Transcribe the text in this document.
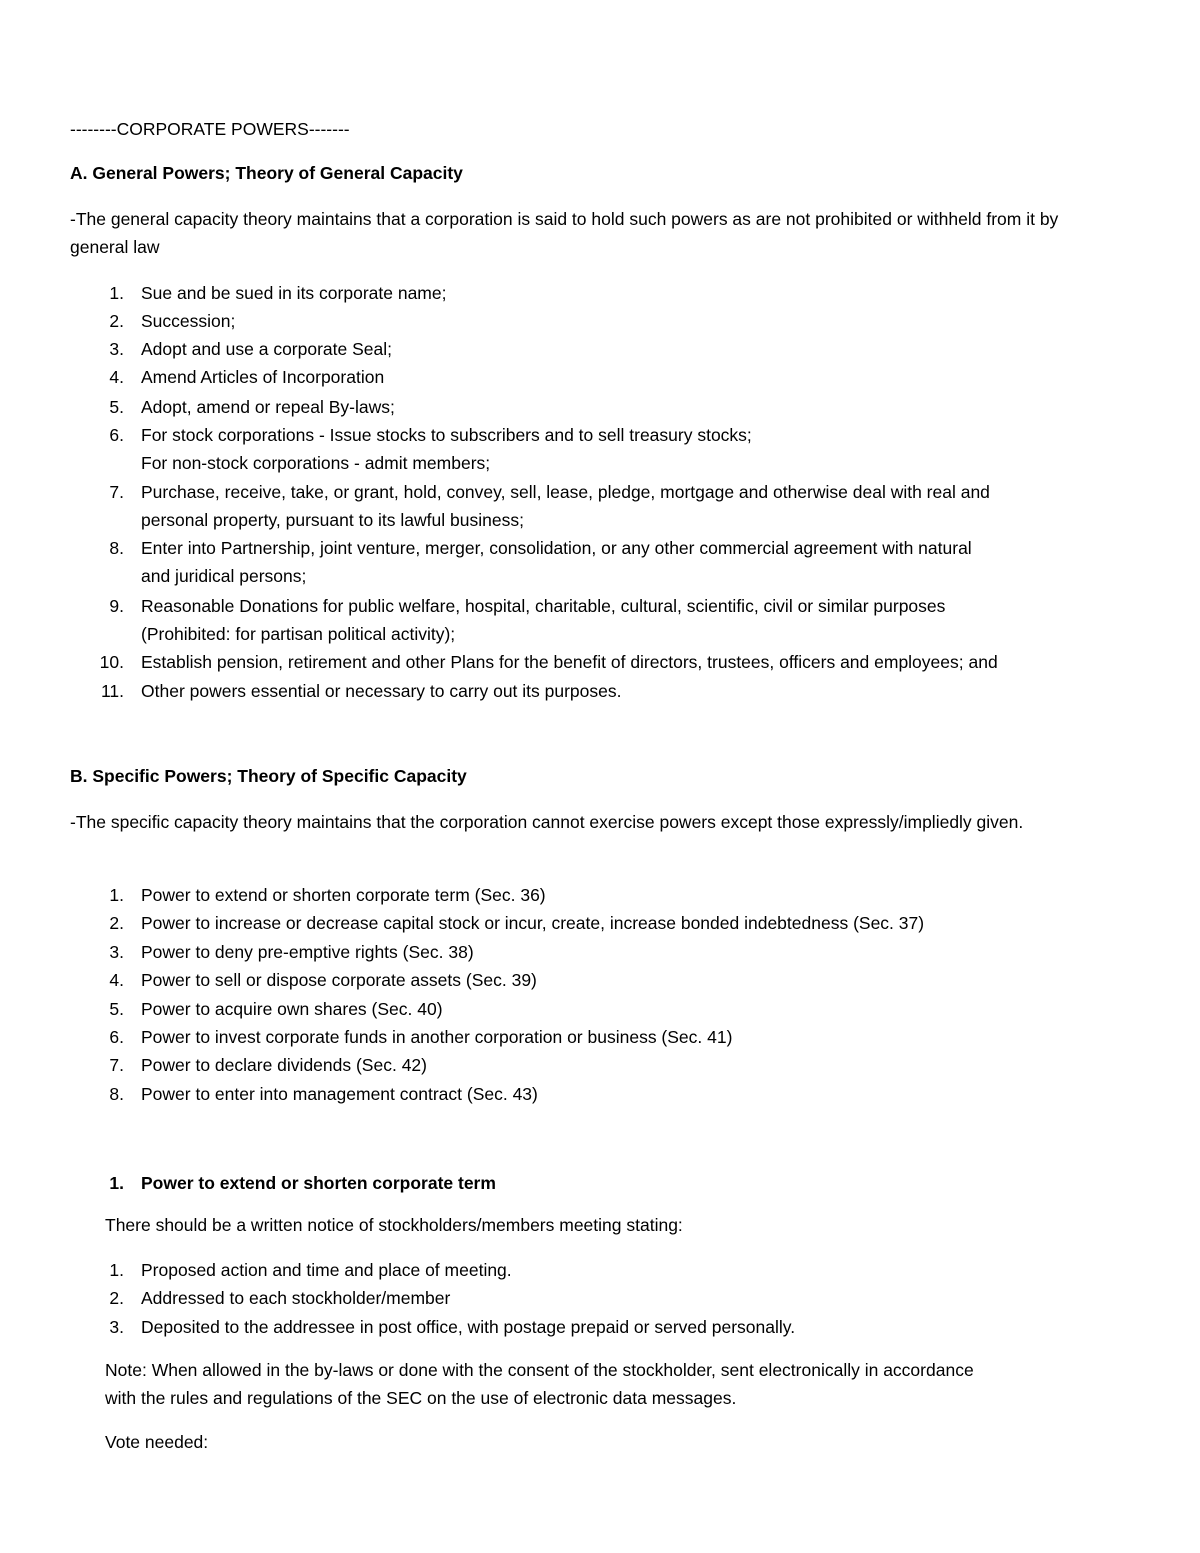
--------CORPORATE POWERS-------
A. General Powers; Theory of General Capacity
-The general capacity theory maintains that a corporation is said to hold such powers as are not prohibited or withheld from it by general law
1. Sue and be sued in its corporate name;
2. Succession;
3. Adopt and use a corporate Seal;
4. Amend Articles of Incorporation
5. Adopt, amend or repeal By-laws;
6. For stock corporations - Issue stocks to subscribers and to sell treasury stocks;
For non-stock corporations - admit members;
7. Purchase, receive, take, or grant, hold, convey, sell, lease, pledge, mortgage and otherwise deal with real and
personal property, pursuant to its lawful business;
8. Enter into Partnership, joint venture, merger, consolidation, or any other commercial agreement with natural
and juridical persons;
9. Reasonable Donations for public welfare, hospital, charitable, cultural, scientific, civil or similar purposes
(Prohibited: for partisan political activity);
10. Establish pension, retirement and other Plans for the benefit of directors, trustees, officers and employees; and
11. Other powers essential or necessary to carry out its purposes.
B. Specific Powers; Theory of Specific Capacity
-The specific capacity theory maintains that the corporation cannot exercise powers except those expressly/impliedly given.
1. Power to extend or shorten corporate term (Sec. 36)
2. Power to increase or decrease capital stock or incur, create, increase bonded indebtedness (Sec. 37)
3. Power to deny pre-emptive rights (Sec. 38)
4. Power to sell or dispose corporate assets (Sec. 39)
5. Power to acquire own shares (Sec. 40)
6. Power to invest corporate funds in another corporation or business (Sec. 41)
7. Power to declare dividends (Sec. 42)
8. Power to enter into management contract (Sec. 43)
1. Power to extend or shorten corporate term
There should be a written notice of stockholders/members meeting stating:
1. Proposed action and time and place of meeting.
2. Addressed to each stockholder/member
3. Deposited to the addressee in post office, with postage prepaid or served personally.
Note: When allowed in the by-laws or done with the consent of the stockholder, sent electronically in accordance
with the rules and regulations of the SEC on the use of electronic data messages.
Vote needed:
